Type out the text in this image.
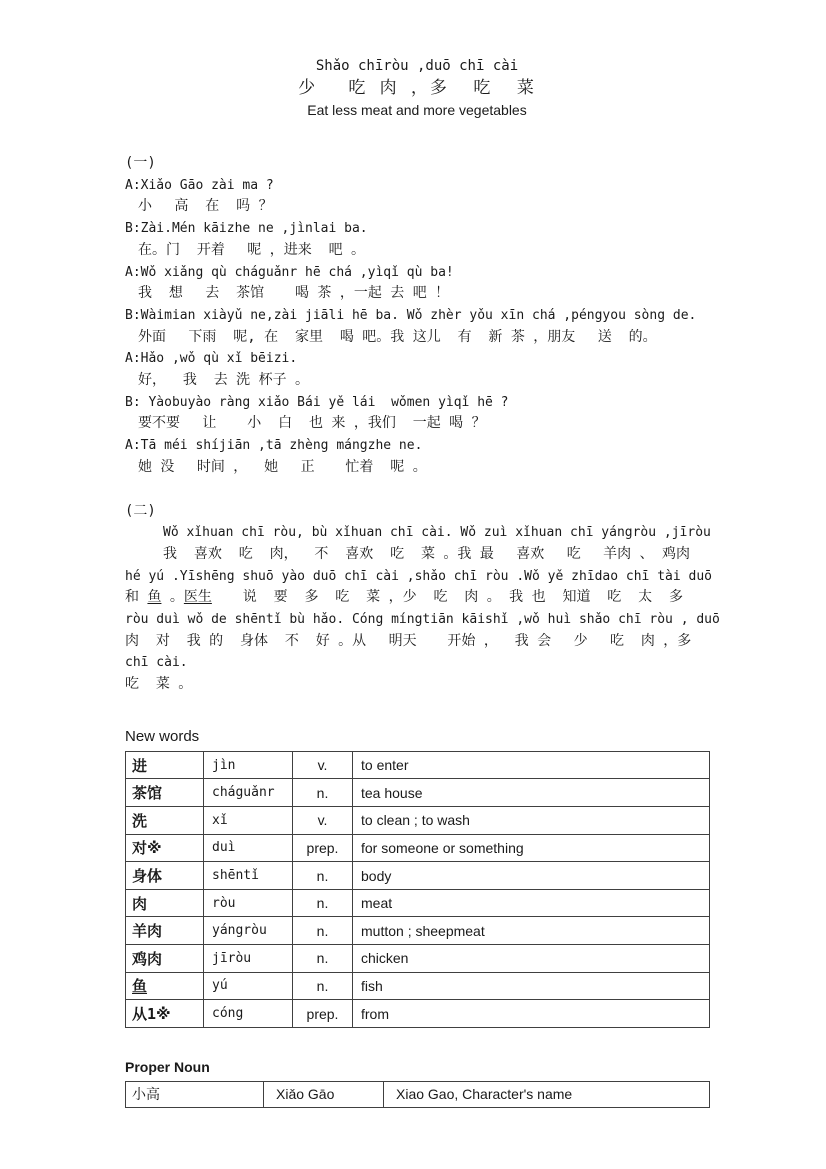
Shǎo chīròu ,duō chī cài
少　 吃 肉 ，多  吃  菜
Eat less meat and more vegetables
(一)
A:Xiǎo Gāo zài ma ?
小　 高  在  吗 ？
B:Zài.Mén kāizhe ne ,jìnlai ba.
在。门  开着　 呢 ，进来  吧 。
A:Wǒ xiǎng qù cháguǎnr hē chá ,yìqǐ qù ba!
我  想　 去  茶馆　  喝 茶 ，一起 去 吧 ！
B:Wàimian xiàyǔ ne,zài jiāli hē ba. Wǒ zhèr yǒu xīn chá ,péngyou sòng de.
外面　 下雨  呢, 在  家里  喝 吧。我 这儿  有  新 茶 ，朋友　 送  的。
A:Hǎo ,wǒ qù xǐ bēizi.
好，  我  去 洗 杯子 。
B: Yàobuyào ràng xiǎo Bái yě lái  wǒmen yìqǐ hē ?
要不要　 让　  小  白  也 来 ，我们  一起 喝 ？
A:Tā méi shíjiān ,tā zhèng mángzhe ne.
她 没　 时间 ，  她　 正　  忙着  呢 。
(二)
Wǒ xǐhuan chī ròu, bù xǐhuan chī cài. Wǒ zuì xǐhuan chī yángròu ,jīròu
我  喜欢  吃  肉，  不  喜欢  吃  菜 。我 最　 喜欢　 吃　 羊肉 、 鸡肉
hé yú .Yīshēng shuō yào duō chī cài ,shǎo chī ròu .Wǒ yě zhīdao chī tài duō
和 鱼 。医生　  说  要  多  吃  菜 ，少  吃  肉 。 我 也  知道  吃  太  多
ròu duì wǒ de shēntǐ bù hǎo. Cóng míngtiān kāishǐ ,wǒ huì shǎo chī ròu , duō
肉  对  我 的  身体  不  好 。从　 明天　  开始 ，  我 会　 少　 吃  肉 ，多
chī cài.
吃  菜 。
New words
进	jìn	v.	to enter
茶馆	cháguǎnr	n.	tea house
洗	xǐ	v.	to clean ; to wash
对※	duì	prep.	for someone or something
身体	shēntǐ	n.	body
肉	ròu	n.	meat
羊肉	yángròu	n.	mutton ; sheepmeat
鸡肉	jīròu	n.	chicken
鱼	yú	n.	fish
从1※	cóng	prep.	from
Proper Noun
小高	Xiǎo Gāo	Xiao Gao, Character's name
